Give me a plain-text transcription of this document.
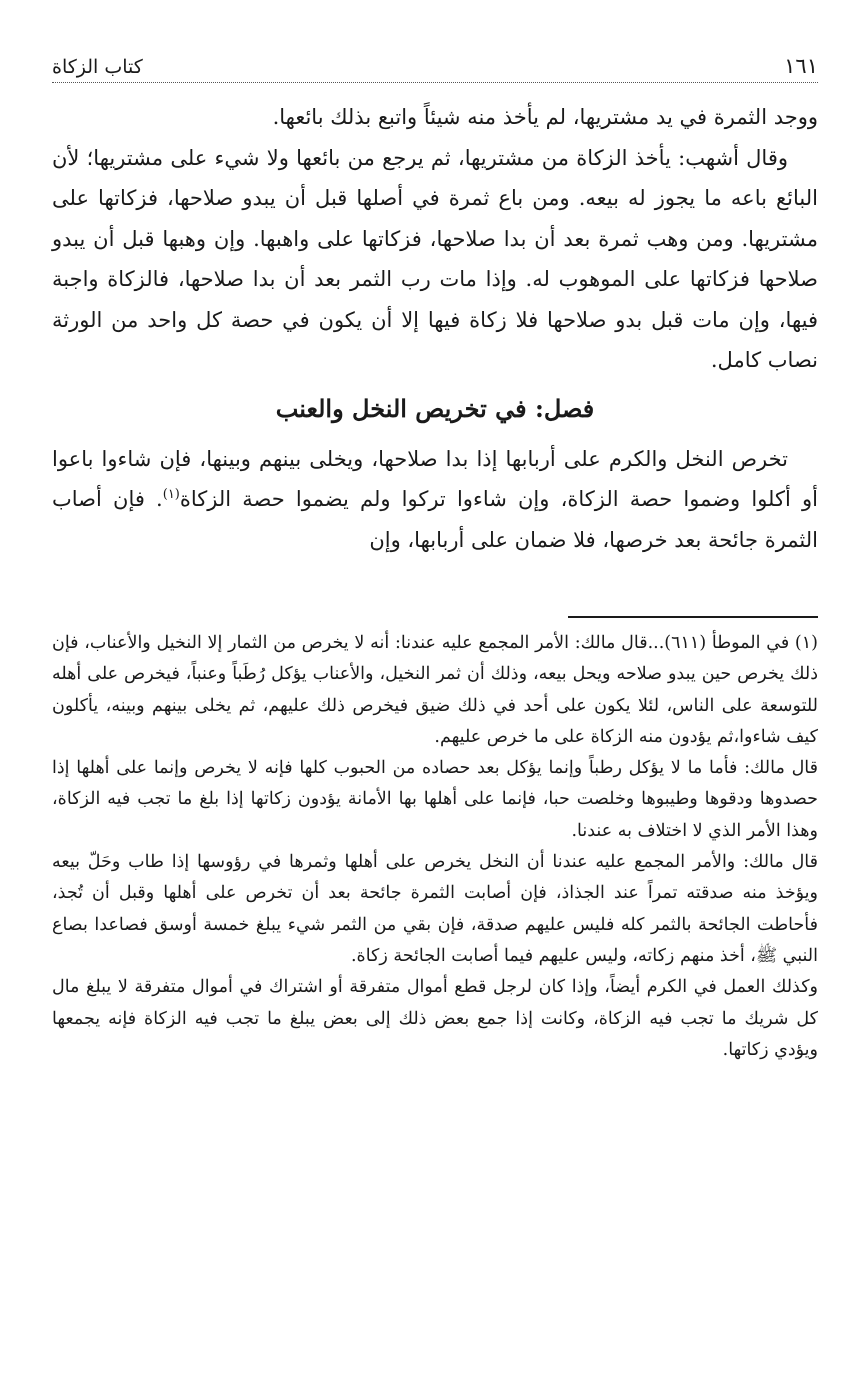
١٦١
كتاب الزكاة

ووجد الثمرة في يد مشتريها، لم يأخذ منه شيئاً واتبع بذلك بائعها.

وقال أشهب: يأخذ الزكاة من مشتريها، ثم يرجع من بائعها ولا شيء على مشتريها؛ لأن البائع باعه ما يجوز له بيعه. ومن باع ثمرة في أصلها قبل أن يبدو صلاحها، فزكاتها على مشتريها. ومن وهب ثمرة بعد أن بدا صلاحها، فزكاتها على واهبها. وإن وهبها قبل أن يبدو صلاحها فزكاتها على الموهوب له. وإذا مات رب الثمر بعد أن بدا صلاحها، فالزكاة واجبة فيها، وإن مات قبل بدو صلاحها فلا زكاة فيها إلا أن يكون في حصة كل واحد من الورثة نصاب كامل.

فصل: في تخريص النخل والعنب

تخرص النخل والكرم على أربابها إذا بدا صلاحها، ويخلى بينهم وبينها، فإن شاءوا باعوا أو أكلوا وضموا حصة الزكاة، وإن شاءوا تركوا ولم يضموا حصة الزكاة$^{(١)}$. فإن أصاب الثمرة جائحة بعد خرصها، فلا ضمان على أربابها، وإن

(١) في الموطأ (٦١١)...قال مالك: الأمر المجمع عليه عندنا: أنه لا يخرص من الثمار إلا النخيل والأعناب، فإن ذلك يخرص حين يبدو صلاحه ويحل بيعه، وذلك أن ثمر النخيل، والأعناب يؤكل رُطَباً وعنباً، فيخرص على أهله للتوسعة على الناس، لئلا يكون على أحد في ذلك ضيق فيخرص ذلك عليهم، ثم يخلى بينهم وبينه، يأكلون كيف شاءوا،ثم يؤدون منه الزكاة على ما خرص عليهم.

قال مالك: فأما ما لا يؤكل رطباً وإنما يؤكل بعد حصاده من الحبوب كلها فإنه لا يخرص وإنما على أهلها إذا حصدوها ودقوها وطيبوها وخلصت حبا، فإنما على أهلها بها الأمانة يؤدون زكاتها إذا بلغ ما تجب فيه الزكاة، وهذا الأمر الذي لا اختلاف به عندنا.

قال مالك: والأمر المجمع عليه عندنا أن النخل يخرص على أهلها وثمرها في رؤوسها إذا طاب وحَلّ بيعه ويؤخذ منه صدقته تمراً عند الجذاذ، فإن أصابت الثمرة جائحة بعد أن تخرص على أهلها وقبل أن تُجذ، فأحاطت الجائحة بالثمر كله فليس عليهم صدقة، فإن بقي من الثمر شيء يبلغ خمسة أوسق فصاعدا بصاع النبي ﷺ، أخذ منهم زكاته، وليس عليهم فيما أصابت الجائحة زكاة.

وكذلك العمل في الكرم أيضاً، وإذا كان لرجل قطع أموال متفرقة أو اشتراك في أموال متفرقة لا يبلغ مال كل شريك ما تجب فيه الزكاة، وكانت إذا جمع بعض ذلك إلى بعض يبلغ ما تجب فيه الزكاة فإنه يجمعها ويؤدي زكاتها.
